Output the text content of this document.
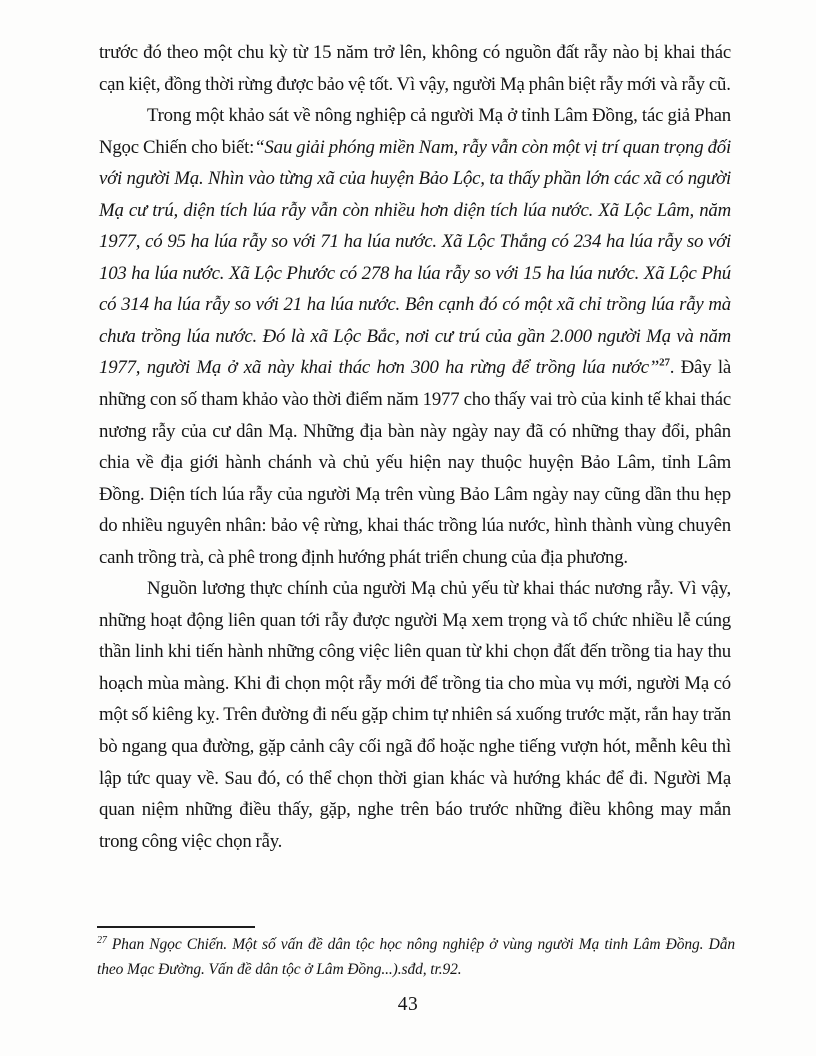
trước đó theo một chu kỳ từ 15 năm trở lên, không có nguồn đất rẫy nào bị khai thác cạn kiệt, đồng thời rừng được bảo vệ tốt. Vì vậy, người Mạ phân biệt rẫy mới và rẫy cũ.

Trong một khảo sát về nông nghiệp cả người Mạ ở tỉnh Lâm Đồng, tác giả Phan Ngọc Chiến cho biết:“Sau giải phóng miền Nam, rẫy vẫn còn một vị trí quan trọng đối với người Mạ. Nhìn vào từng xã của huyện Bảo Lộc, ta thấy phần lớn các xã có người Mạ cư trú, diện tích lúa rẫy vẫn còn nhiều hơn diện tích lúa nước. Xã Lộc Lâm, năm 1977, có 95 ha lúa rẫy so với 71 ha lúa nước. Xã Lộc Thắng có 234 ha lúa rẫy so với 103 ha lúa nước. Xã Lộc Phước có 278 ha lúa rẫy so với 15 ha lúa nước. Xã Lộc Phú có 314 ha lúa rẫy so với 21 ha lúa nước. Bên cạnh đó có một xã chỉ trồng lúa rẫy mà chưa trồng lúa nước. Đó là xã Lộc Bắc, nơi cư trú của gần 2.000 người Mạ và năm 1977, người Mạ ở xã này khai thác hơn 300 ha rừng để trồng lúa nước”$^{27}$. Đây là những con số tham khảo vào thời điểm năm 1977 cho thấy vai trò của kinh tế khai thác nương rẫy của cư dân Mạ. Những địa bàn này ngày nay đã có những thay đổi, phân chia về địa giới hành chánh và chủ yếu hiện nay thuộc huyện Bảo Lâm, tỉnh Lâm Đồng. Diện tích lúa rẫy của người Mạ trên vùng Bảo Lâm ngày nay cũng dần thu hẹp do nhiều nguyên nhân: bảo vệ rừng, khai thác trồng lúa nước, hình thành vùng chuyên canh trồng trà, cà phê trong định hướng phát triển chung của địa phương.

Nguồn lương thực chính của người Mạ chủ yếu từ khai thác nương rẫy. Vì vậy, những hoạt động liên quan tới rẫy được người Mạ xem trọng và tổ chức nhiều lễ cúng thần linh khi tiến hành những công việc liên quan từ khi chọn đất đến trồng tia hay thu hoạch mùa màng. Khi đi chọn một rẫy mới để trồng tia cho mùa vụ mới, người Mạ có một số kiêng kỵ. Trên đường đi nếu gặp chim tự nhiên sá xuống trước mặt, rắn hay trăn bò ngang qua đường, gặp cảnh cây cối ngã đổ hoặc nghe tiếng vượn hót, mễnh kêu thì lập tức quay về. Sau đó, có thể chọn thời gian khác và hướng khác để đi. Người Mạ quan niệm những điều thấy, gặp, nghe trên báo trước những điều không may mắn trong công việc chọn rẫy.

$^{27}$ Phan Ngọc Chiến. Một số vấn đề dân tộc học nông nghiệp ở vùng người Mạ tinh Lâm Đồng. Dẫn theo Mạc Đường. Vấn đề dân tộc ở Lâm Đồng...).sđd, tr.92.

43
